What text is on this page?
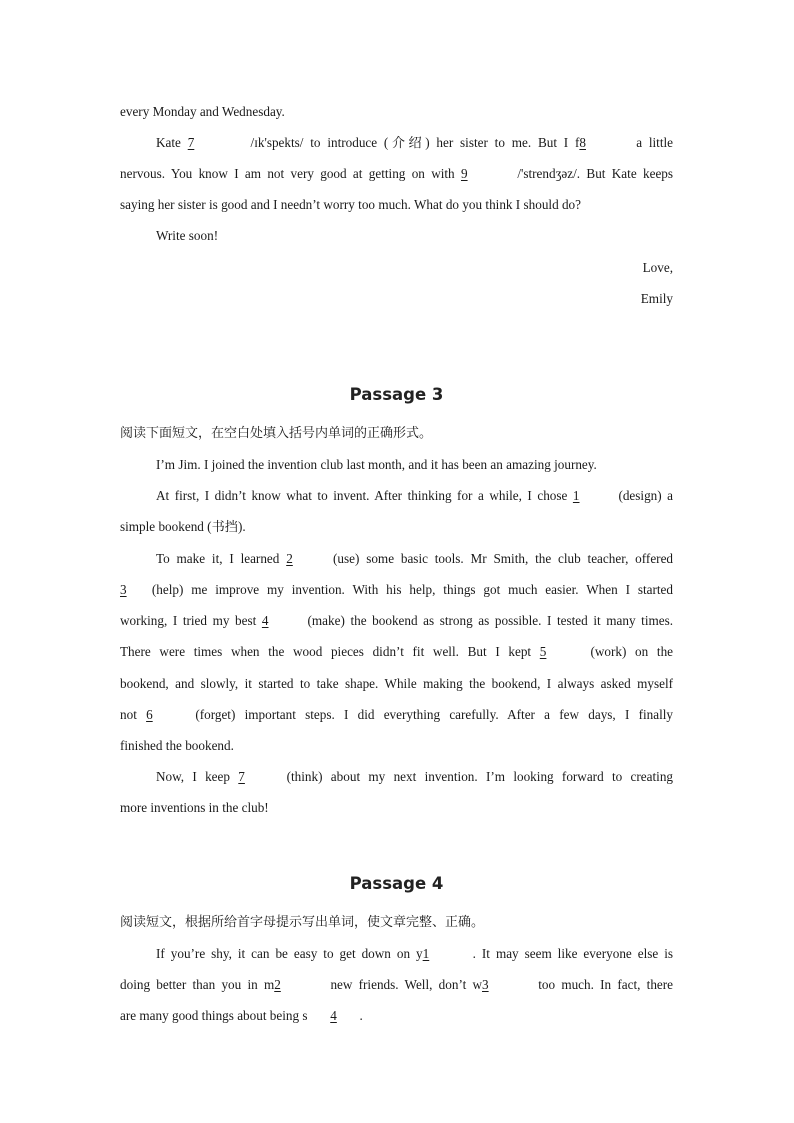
every Monday and Wednesday.
Kate 7	/ɪk'spekts/ to introduce (介绍) her sister to me. But I f8	a little
nervous. You know I am not very good at getting on with 9	/'strendʒəz/. But Kate keeps
saying her sister is good and I needn’t worry too much. What do you think I should do?
Write soon!
Love,
Emily
Passage 3
阅读下面短文，在空白处填入括号内单词的正确形式。
I’m Jim. I joined the invention club last month, and it has been an amazing journey.
At first, I didn’t know what to invent. After thinking for a while, I chose 1	(design) a
simple bookend (书挡).
To make it, I learned 2	(use) some basic tools. Mr Smith, the club teacher, offered
3 (help) me improve my invention. With his help, things got much easier. When I started
working, I tried my best 4	(make) the bookend as strong as possible. I tested it many times.
There were times when the wood pieces didn’t fit well. But I kept 5	(work) on the
bookend, and slowly, it started to take shape. While making the bookend, I always asked myself
not 6	(forget) important steps. I did everything carefully. After a few days, I finally
finished the bookend.
Now, I keep 7	(think) about my next invention. I’m looking forward to creating
more inventions in the club!
Passage 4
阅读短文，根据所给首字母提示写出单词，使文章完整、正确。
If you’re shy, it can be easy to get down on y1	. It may seem like everyone else is
doing better than you in m2	new friends. Well, don’t w3	too much. In fact, there
are many good things about being s 4 .
